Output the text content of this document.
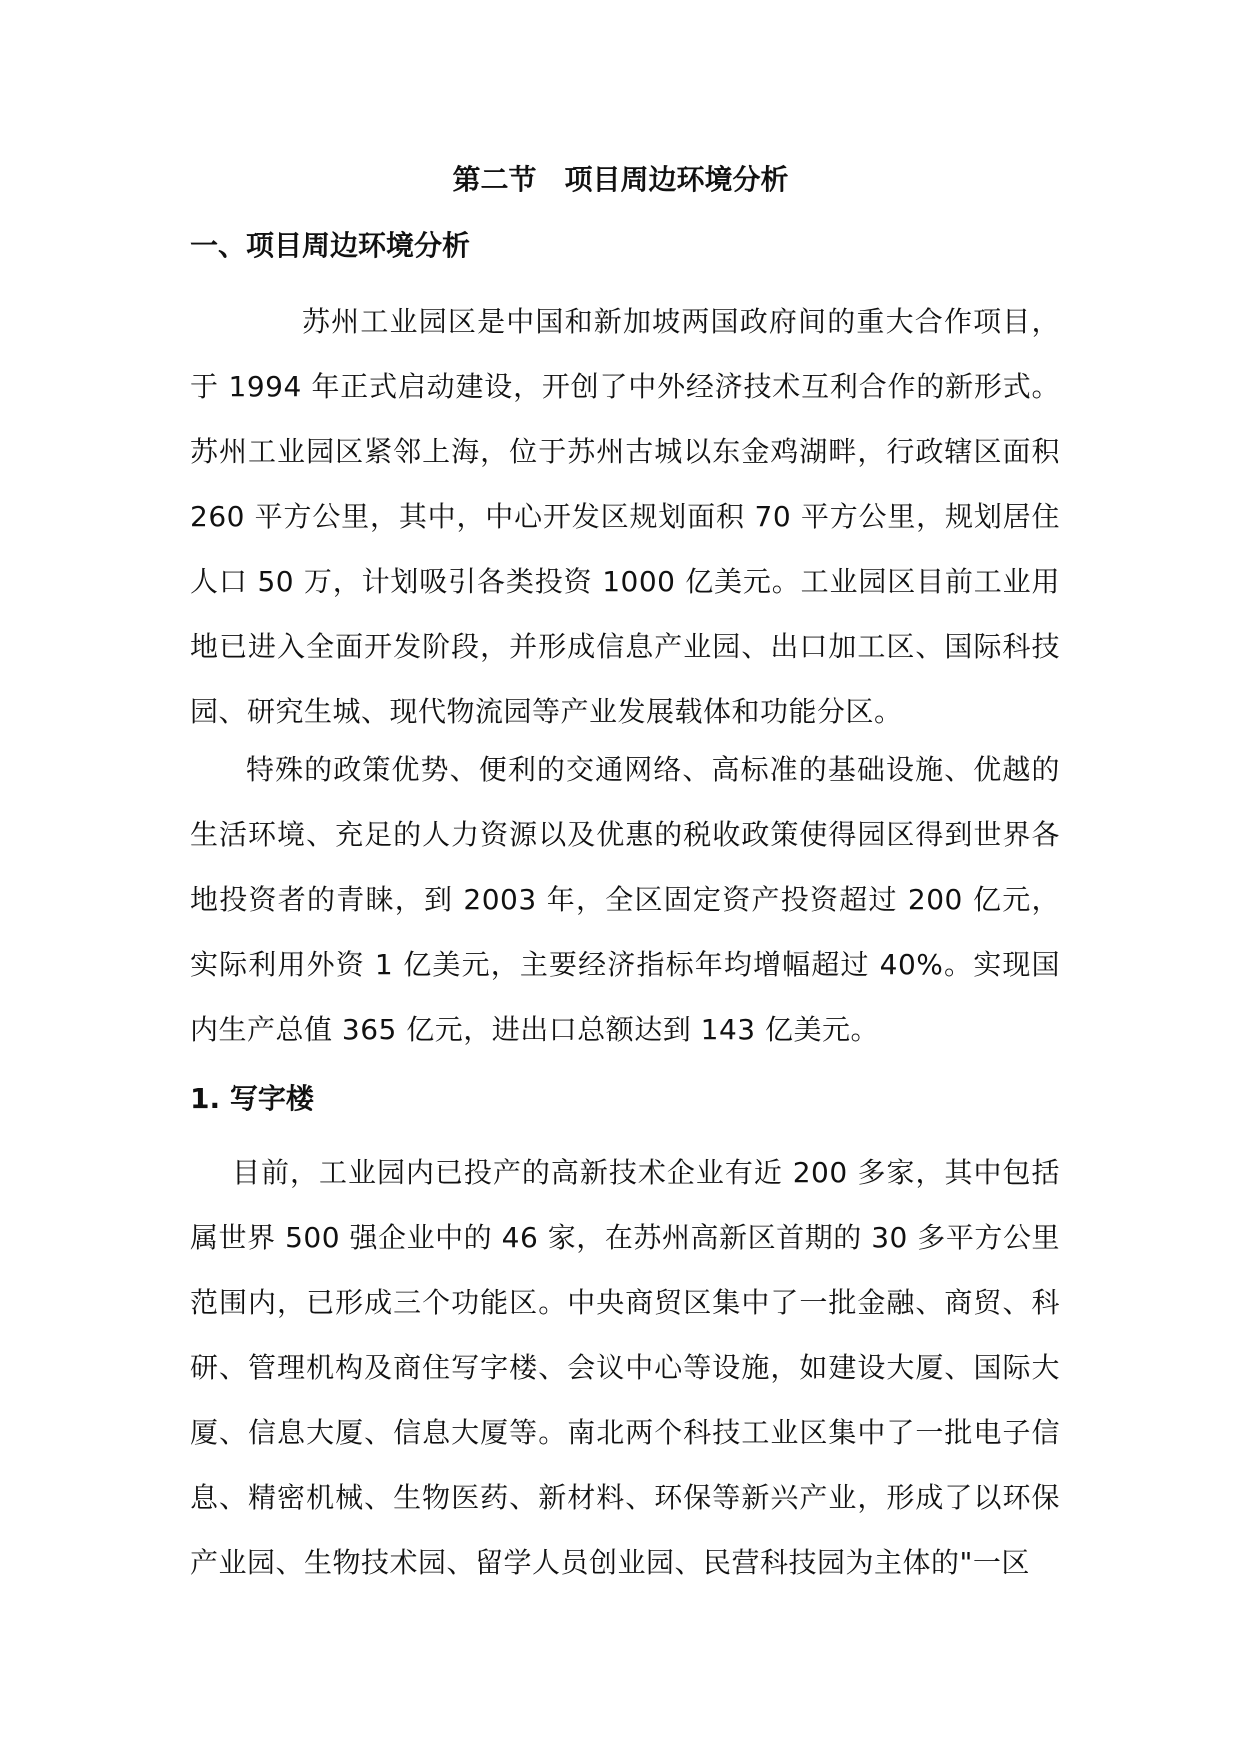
第二节　项目周边环境分析
一、项目周边环境分析

苏州工业园区是中国和新加坡两国政府间的重大合作项目，于 1994 年正式启动建设，开创了中外经济技术互利合作的新形式。苏州工业园区紧邻上海，位于苏州古城以东金鸡湖畔，行政辖区面积 260 平方公里，其中，中心开发区规划面积 70 平方公里，规划居住人口 50 万，计划吸引各类投资 1000 亿美元。工业园区目前工业用地已进入全面开发阶段，并形成信息产业园、出口加工区、国际科技园、研究生城、现代物流园等产业发展载体和功能分区。

特殊的政策优势、便利的交通网络、高标准的基础设施、优越的生活环境、充足的人力资源以及优惠的税收政策使得园区得到世界各地投资者的青睐，到 2003 年，全区固定资产投资超过 200 亿元，实际利用外资 1 亿美元，主要经济指标年均增幅超过 40%。实现国内生产总值 365 亿元，进出口总额达到 143 亿美元。

1. 写字楼

目前，工业园内已投产的高新技术企业有近 200 多家，其中包括属世界 500 强企业中的 46 家，在苏州高新区首期的 30 多平方公里范围内，已形成三个功能区。中央商贸区集中了一批金融、商贸、科研、管理机构及商住写字楼、会议中心等设施，如建设大厦、国际大厦、信息大厦、信息大厦等。南北两个科技工业区集中了一批电子信息、精密机械、生物医药、新材料、环保等新兴产业，形成了以环保产业园、生物技术园、留学人员创业园、民营科技园为主体的"一区
